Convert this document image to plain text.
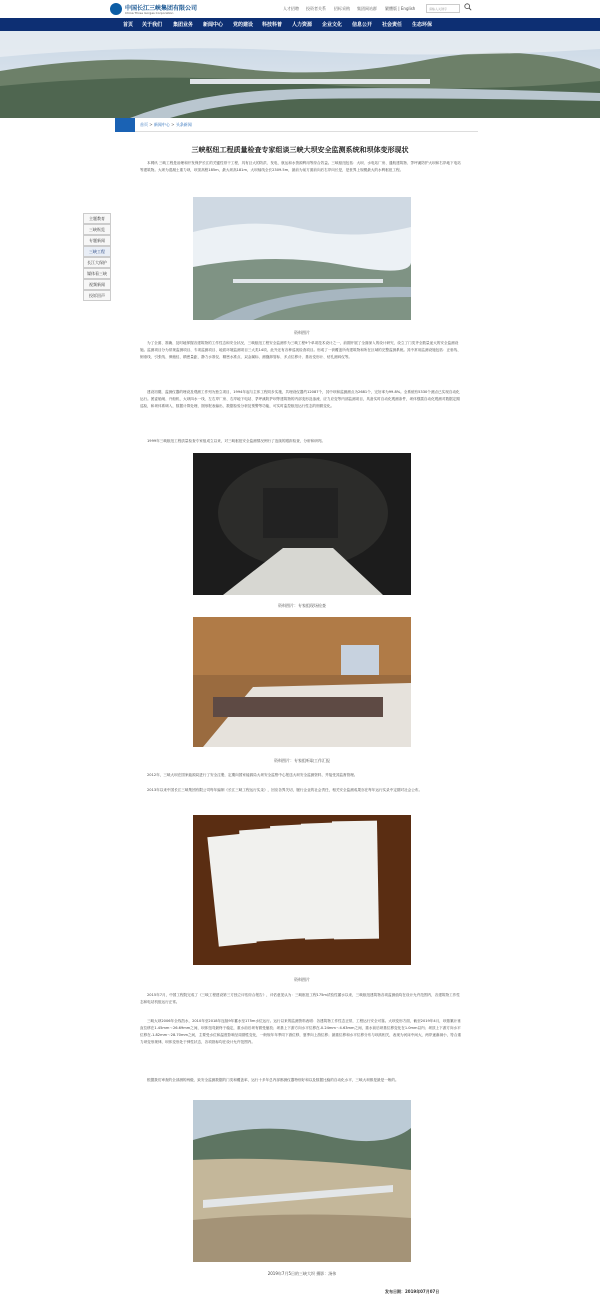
中国长江三峡集团有限公司
China Three Gorges Corporation
人才招聘 投资者关系 招标采购 集团网站群 繁體版 | English	请输入关键字
首页 关于我们 集团业务 新闻中心 党的建设 科技科普 人力资源 企业文化 信息公开 社会责任 生态环保
首页 > 新闻中心 > 头条新闻
主题教育
三峡纵览
专题新闻
三峡工程
长江大保护
媒体看三峡
视频新闻
投诉回声
三峡枢纽工程质量检查专家组谈三峡大坝安全监测系统和坝体变形现状
本网讯 三峡工程是治理和开发保护长江的关键性骨干工程，具有巨大的防洪、发电、航运和水资源利用等综合效益。三峡枢纽包括：大坝、水电站厂房、通航建筑物、茅坪溪防护大坝和右岸地下电站等建筑物。大坝为混凝土重力坝，坝顶高程185m，最大坝高181m，大坝轴线全长2309.5m，最前为前方面前向后右岸向长是，是世界上规模最大的水利枢纽工程。
资料图片
为了全面、准确、及时地掌握各建筑物的工作性态和安全状况，三峡枢纽工程安全监测作为三峡工程9个单项技术设计之一，前期开展了全面深入的设计研究，设立了门类齐全数量庞大的安全监测设施。监测项目分为常规监测项目、专项监测项目、地质环境监测项目三大类14项，此外还有各种巡视检查项目。形成了一套覆盖所有建筑物和所在区域的完整监测系统。其中常用监测设施包括：正垂线、倒垂线、引张线、伸缩仪、精密量距、静力水准仪、精密水准点、双金属标、测缝卸管标、多点位移计、基岩变形计、钻孔测斜仪等。
建设初期，监测仪器的埋设及观测工作列为独立项目，1994年起与主体工程同步实施，共埋设仪器约12087个，其中坝和监测测点为2681个，完好率为99.8%。全系统有5330个测点已实现自动化运行。团委船闸、升船机、大坝四水一线、左右岸厂房、右岸地下电站、茅坪溪防护坝等建筑物的内部变形及渗流、应力应变等内部监测项目，具备实时自动化观测条件，坝体强震自动化观测对数据定期巡检，和坝体系调入，数据计算处理、图形报表输出、数据检验分析及预警等功能，可实时监控枢纽运行性态的细微变化。
1999年三峡枢纽工程质量检查专家组成立以来，对三峡枢纽安全监测情况例行了连续的跟踪检查，分析和研判。
资料图片：专家组现场检查
资料图片：专家组听取工作汇报
2012年，三峡大坝在国家能源局进行了安全注册，定期向国家能源局大坝安全监察中心报送大坝安全监测资料，并接受其监督管理。
2013年以来中国长江三峡集团有限公司每年编制《长江三峡工程运行实录》，回应各界关切，履行企业的社会责任，相关安全监测成果亦在每年运行实录中定期对社会公布。
资料图片
2015年7月，中国工程院完成了《三峡工程建设第三方独立评估综合报告》，评估意见认为：三峡枢纽工程175m试验性蓄水以来，三峡枢纽建筑物各项监测值均在设计允许范围内，各建筑物工作性态和电站机组运行正常。
三峡大坝2006年全线挡水，2010年至2018年连续9年蓄水至175m水位运行。运行以来的监测资料表明：各建筑物工作性态正常，工程运行安全可靠。大坝变形方面，截至2019年4月，坝基累计垂直位移在1.45mm～26.69mm之间，坝体扭弯最终于稳定，重水前后坝有微受缩放；坝基上下游方向水平位移在-0.24mm～4.63mm之间，重水前后坝基位移变化在1.0mm以内；坝顶上下游方向水平位移在-1.82mm～28.70mm之间，主要受水位和温度影响呈周期性变化，一般规年年季同下游位移，夏季向上游位移；最重位移和水平位移分布与坝高相关，表现为河床中间大，两岸逐渐减小，符合重力坝变形规律，坝体变形处于弹性状态，各项指标均在设计允许范围内。
根据我们审查的全部测的两级、致安全监测数据的门类和覆盖率，运行十多年总内部都测仪器特别好和以及数据比稳的自动化水平，三峡大坝都是最是一般的。
2019年7月5日的三峡大坝 摄影：汤伟
发布日期：2019年07月07日
